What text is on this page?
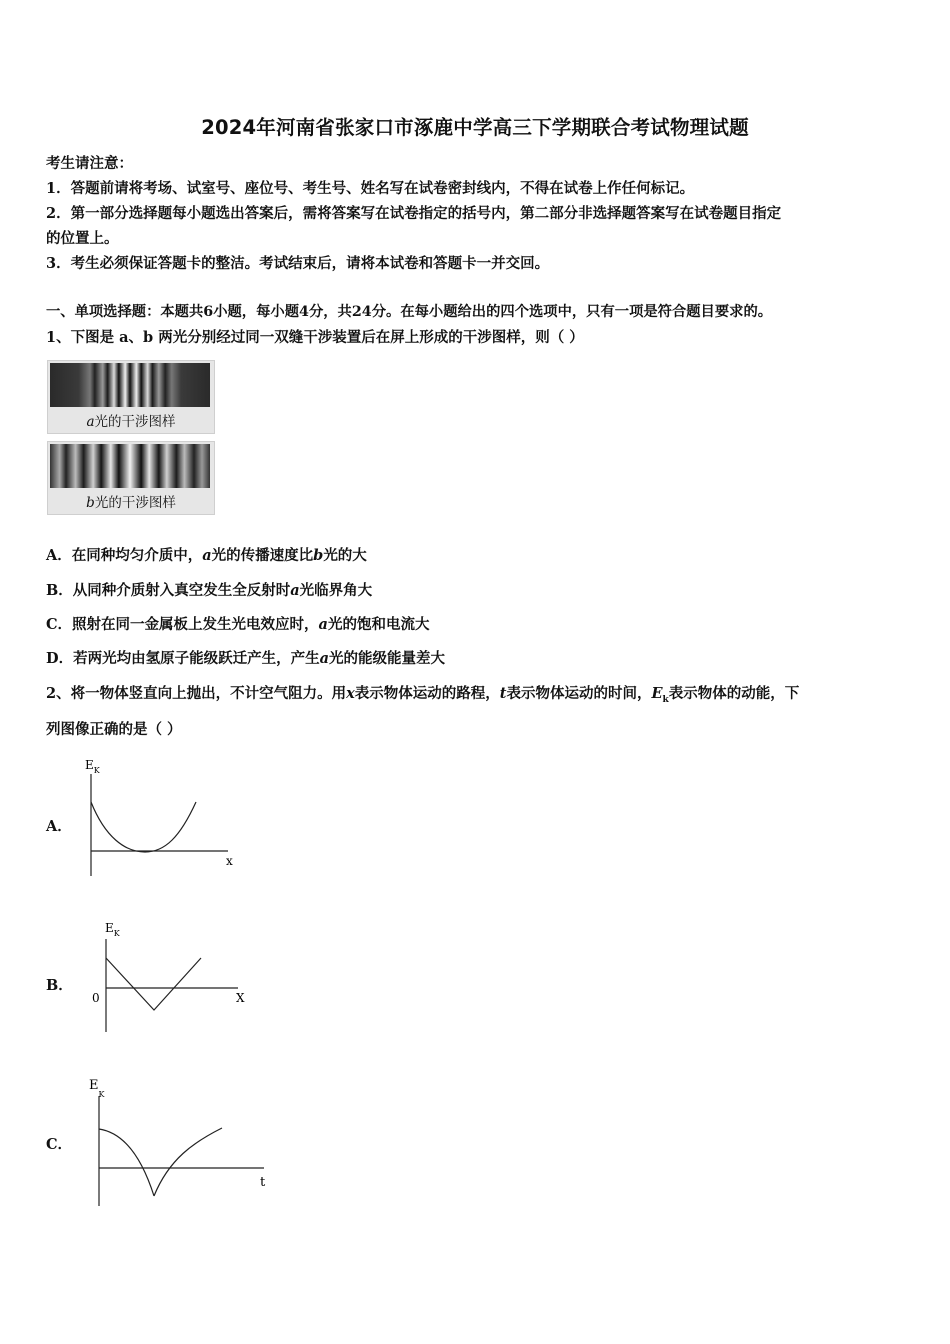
2024年河南省张家口市涿鹿中学高三下学期联合考试物理试题
考生请注意：
1．答题前请将考场、试室号、座位号、考生号、姓名写在试卷密封线内，不得在试卷上作任何标记。
2．第一部分选择题每小题选出答案后，需将答案写在试卷指定的括号内，第二部分非选择题答案写在试卷题目指定
的位置上。
3．考生必须保证答题卡的整洁。考试结束后，请将本试卷和答题卡一并交回。
一、单项选择题：本题共6小题，每小题4分，共24分。在每小题给出的四个选项中，只有一项是符合题目要求的。
1、下图是 a、b 两光分别经过同一双缝干涉装置后在屏上形成的干涉图样，则（ ）
a光的干涉图样
b光的干涉图样
A．在同种均匀介质中，a光的传播速度比b光的大
B．从同种介质射入真空发生全反射时a光临界角大
C．照射在同一金属板上发生光电效应时，a光的饱和电流大
D．若两光均由氢原子能级跃迁产生，产生a光的能级能量差大
2、将一物体竖直向上抛出，不计空气阻力。用x表示物体运动的路程，t表示物体运动的时间，$E_k$表示物体的动能，下
列图像正确的是（ ）
A．
$E_K$
x
B．
$E_K$
0	X
C．
$E_K$
t
